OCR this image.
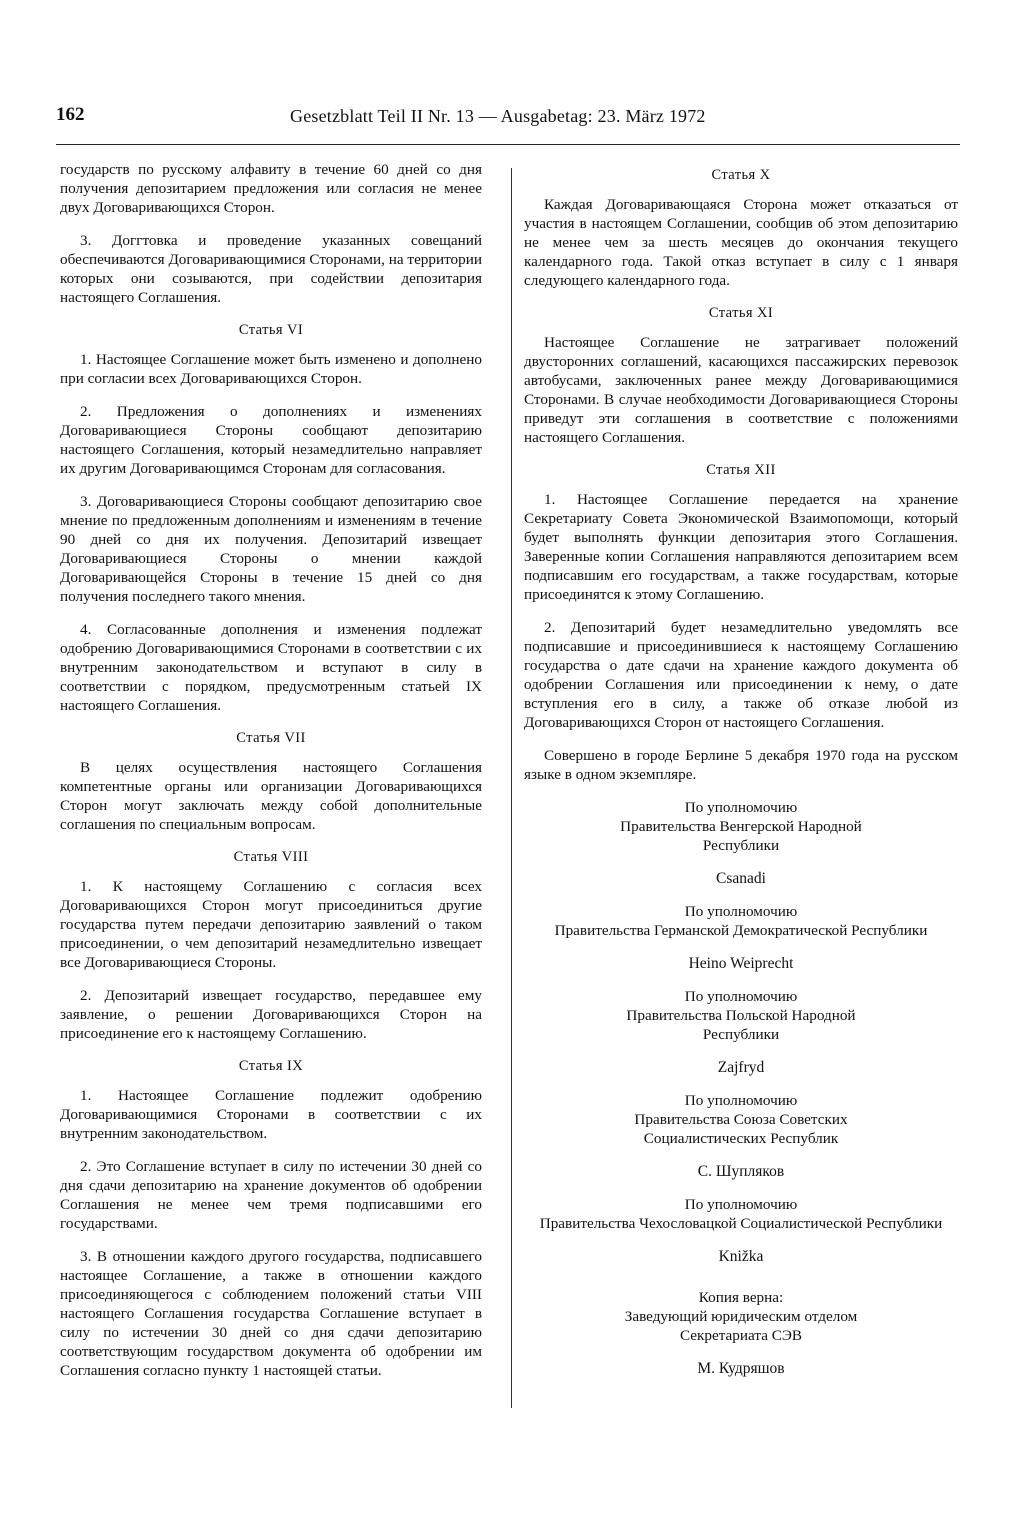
162	Gesetzblatt Teil II Nr. 13 — Ausgabetag: 23. März 1972

государств по русскому алфавиту в течение 60 дней со дня получения депозитарием предложения или согласия не менее двух Договаривающихся Сторон.

3. Доггтовка и проведение указанных совещаний обеспечиваются Договаривающимися Сторонами, на территории которых они созываются, при содействии депозитария настоящего Соглашения.

Статья VI

1. Настоящее Соглашение может быть изменено и дополнено при согласии всех Договаривающихся Сторон.

2. Предложения о дополнениях и изменениях Договаривающиеся Стороны сообщают депозитарию настоящего Соглашения, который незамедлительно направляет их другим Договаривающимся Сторонам для согласования.

3. Договаривающиеся Стороны сообщают депозитарию свое мнение по предложенным дополнениям и изменениям в течение 90 дней со дня их получения. Депозитарий извещает Договаривающиеся Стороны о мнении каждой Договаривающейся Стороны в течение 15 дней со дня получения последнего такого мнения.

4. Согласованные дополнения и изменения подлежат одобрению Договаривающимися Сторонами в соответствии с их внутренним законодательством и вступают в силу в соответствии с порядком, предусмотренным статьей IX настоящего Соглашения.

Статья VII

В целях осуществления настоящего Соглашения компетентные органы или организации Договаривающихся Сторон могут заключать между собой дополнительные соглашения по специальным вопросам.

Статья VIII

1. К настоящему Соглашению с согласия всех Договаривающихся Сторон могут присоединиться другие государства путем передачи депозитарию заявлений о таком присоединении, о чем депозитарий незамедлительно извещает все Договаривающиеся Стороны.

2. Депозитарий извещает государство, передавшее ему заявление, о решении Договаривающихся Сторон на присоединение его к настоящему Соглашению.

Статья IX

1. Настоящее Соглашение подлежит одобрению Договаривающимися Сторонами в соответствии с их внутренним законодательством.

2. Это Соглашение вступает в силу по истечении 30 дней со дня сдачи депозитарию на хранение документов об одобрении Соглашения не менее чем тремя подписавшими его государствами.

3. В отношении каждого другого государства, подписавшего настоящее Соглашение, а также в отношении каждого присоединяющегося с соблюдением положений статьи VIII настоящего Соглашения государства Соглашение вступает в силу по истечении 30 дней со дня сдачи депозитарию соответствующим государством документа об одобрении им Соглашения согласно пункту 1 настоящей статьи.

Статья X

Каждая Договаривающаяся Сторона может отказаться от участия в настоящем Соглашении, сообщив об этом депозитарию не менее чем за шесть месяцев до окончания текущего календарного года. Такой отказ вступает в силу с 1 января следующего календарного года.

Статья XI

Настоящее Соглашение не затрагивает положений двусторонних соглашений, касающихся пассажирских перевозок автобусами, заключенных ранее между Договаривающимися Сторонами. В случае необходимости Договаривающиеся Стороны приведут эти соглашения в соответствие с положениями настоящего Соглашения.

Статья XII

1. Настоящее Соглашение передается на хранение Секретариату Совета Экономической Взаимопомощи, который будет выполнять функции депозитария этого Соглашения. Заверенные копии Соглашения направляются депозитарием всем подписавшим его государствам, а также государствам, которые присоединятся к этому Соглашению.

2. Депозитарий будет незамедлительно уведомлять все подписавшие и присоединившиеся к настоящему Соглашению государства о дате сдачи на хранение каждого документа об одобрении Соглашения или присоединении к нему, о дате вступления его в силу, а также об отказе любой из Договаривающихся Сторон от настоящего Соглашения.

Совершено в городе Берлине 5 декабря 1970 года на русском языке в одном экземпляре.

По уполномочию
Правительства Венгерской Народной
Республики
Csanadi
По уполномочию
Правительства Германской Демократической Республики
Heino Weiprecht
По уполномочию
Правительства Польской Народной
Республики
Zajfryd
По уполномочию
Правительства Союза Советских
Социалистических Республик
С. Шупляков
По уполномочию
Правительства Чехословацкой Социалистической Республики
Knižka
Копия верна:
Заведующий юридическим отделом
Секретариата СЭВ
М. Кудряшов
